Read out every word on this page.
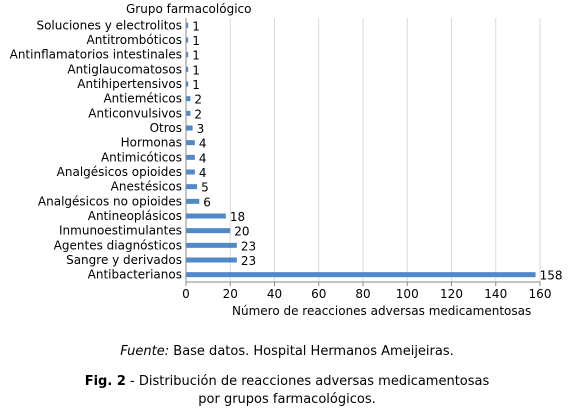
Grupo farmacológico
Soluciones y electrolitos
Antitrombóticos
Antinflamatorios intestinales
Antiglaucomatosos
Antihipertensivos
Antieméticos
Anticonvulsivos
Otros
Hormonas
Antimicóticos
Analgésicos opioides
Anestésicos
Analgésicos no opioides
Antineoplásicos
Inmunoestimulantes
Agentes diagnósticos
Sangre y derivados
Antibacterianos
1
1
1
1
1
2
2
3
4
4
4
5
6
18
20
23
23
158
0	20 40 60 80 100 120 140 160
Número de reacciones adversas medicamentosas
Fuente: Base datos. Hospital Hermanos Ameijeiras.
Fig. 2 - Distribución de reacciones adversas medicamentosas
por grupos farmacológicos.
